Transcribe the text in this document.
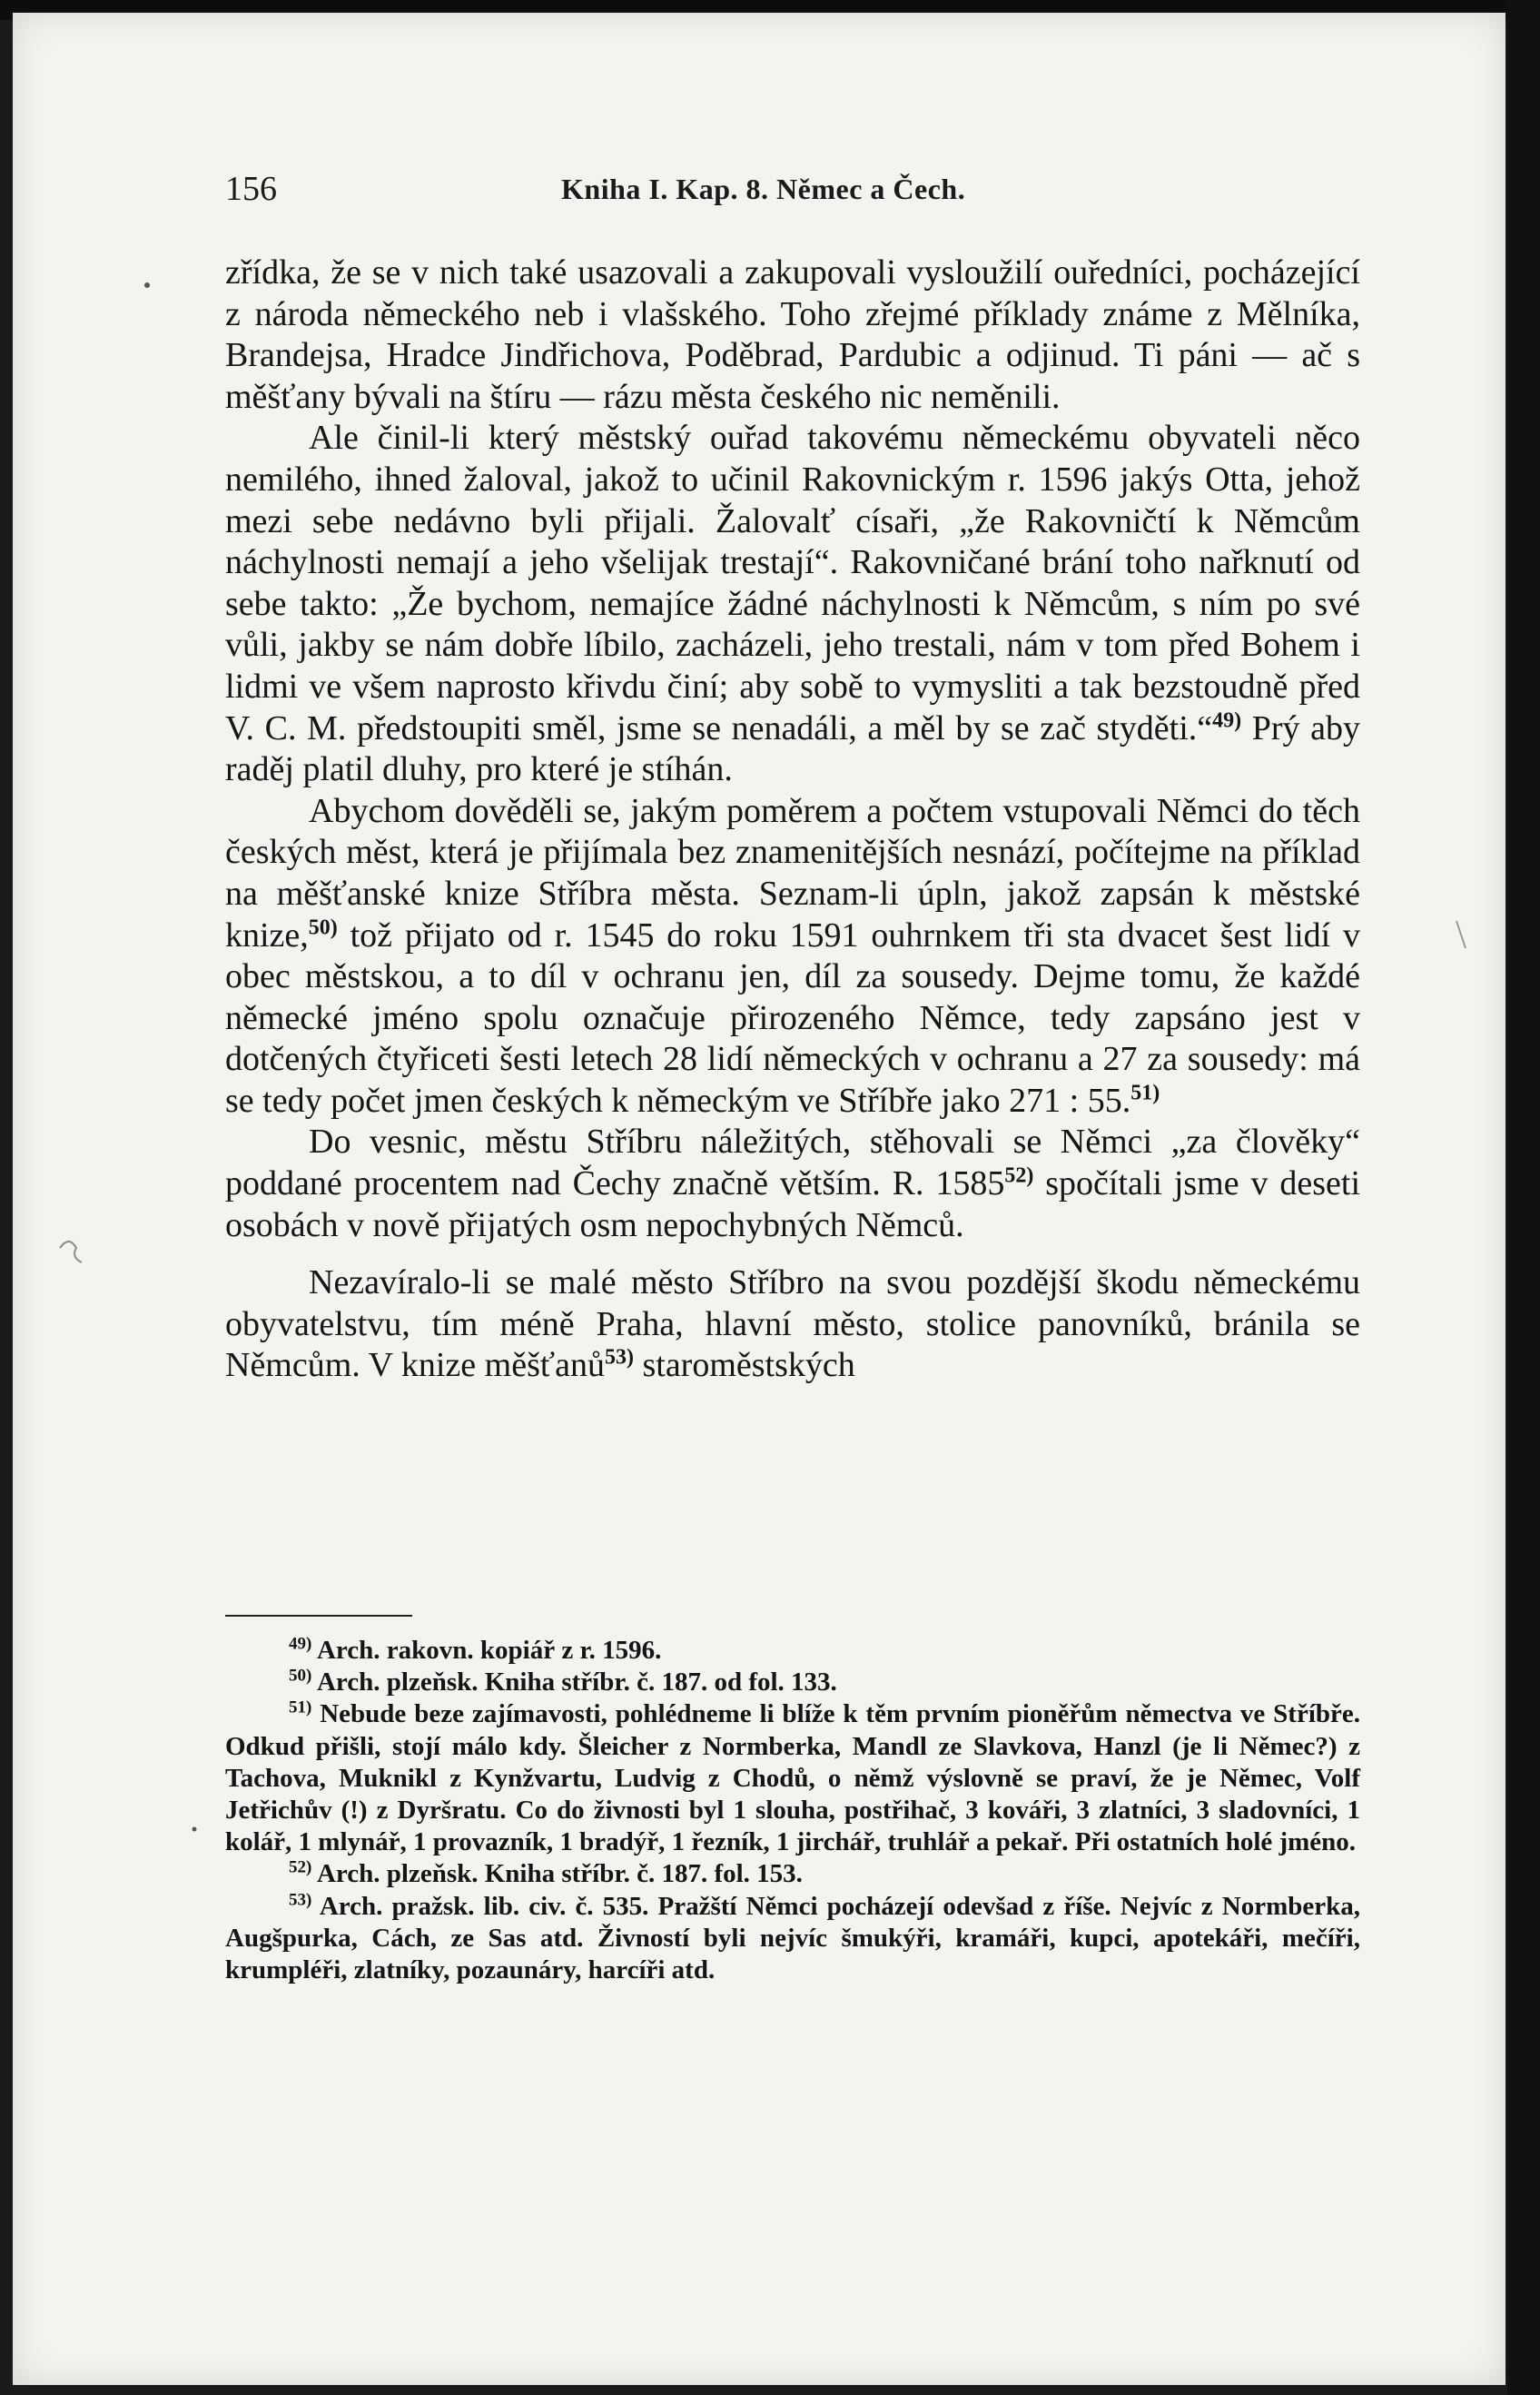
156	Kniha I. Kap. 8. Němec a Čech.

zřídka, že se v nich také usazovali a zakupovali vysloužilí ouředníci, pocházející z národa německého neb i vlašského. Toho zřejmé příklady známe z Mělníka, Brandejsa, Hradce Jindřichova, Poděbrad, Pardubic a odjinud. Ti páni — ač s měšťany bývali na štíru — rázu města českého nic neměnili.

Ale činil-li který městský ouřad takovému německému obyvateli něco nemilého, ihned žaloval, jakož to učinil Rakovnickým r. 1596 jakýs Otta, jehož mezi sebe nedávno byli přijali. Žalovalť císaři, „že Rakovničtí k Němcům náchylnosti nemají a jeho všelijak trestají“. Rakovničané brání toho nařknutí od sebe takto: „Že bychom, nemajíce žádné náchylnosti k Němcům, s ním po své vůli, jakby se nám dobře líbilo, zacházeli, jeho trestali, nám v tom před Bohem i lidmi ve všem naprosto křivdu činí; aby sobě to vymysliti a tak bezstoudně před V. C. M. předstoupiti směl, jsme se nenadáli, a měl by se zač styděti.“$^{49)}$ Prý aby raděj platil dluhy, pro které je stíhán.

Abychom dověděli se, jakým poměrem a počtem vstupovali Němci do těch českých měst, která je přijímala bez znamenitějších nesnází, počítejme na příklad na měšťanské knize Stříbra města. Seznam-li úpln, jakož zapsán k městské knize,$^{50)}$ tož přijato od r. 1545 do roku 1591 ouhrnkem tři sta dvacet šest lidí v obec městskou, a to díl v ochranu jen, díl za sousedy. Dejme tomu, že každé německé jméno spolu označuje přirozeného Němce, tedy zapsáno jest v dotčených čtyřiceti šesti letech 28 lidí německých v ochranu a 27 za sousedy: má se tedy počet jmen českých k německým ve Stříbře jako 271 : 55.$^{51)}$

Do vesnic, městu Stříbru náležitých, stěhovali se Němci „za člověky“ poddané procentem nad Čechy značně větším. R. 1585$^{52)}$ spočítali jsme v deseti osobách v nově přijatých osm nepochybných Němců.

Nezavíralo-li se malé město Stříbro na svou pozdější škodu německému obyvatelstvu, tím méně Praha, hlavní město, stolice panovníků, bránila se Němcům. V knize měšťanů$^{53)}$ staroměstských

$^{49)}$ Arch. rakovn. kopiář z r. 1596.

$^{50)}$ Arch. plzeňsk. Kniha stříbr. č. 187. od fol. 133.

$^{51)}$ Nebude beze zajímavosti, pohlédneme li blíže k těm prvním pioněřům němectva ve Stříbře. Odkud přišli, stojí málo kdy. Šleicher z Normberka, Mandl ze Slavkova, Hanzl (je li Němec?) z Tachova, Muknikl z Kynžvartu, Ludvig z Chodů, o němž výslovně se praví, že je Němec, Volf Jetřichův (!) z Dyršratu. Co do živnosti byl 1 slouha, postřihač, 3 kováři, 3 zlatníci, 3 sladovníci, 1 kolář, 1 mlynář, 1 provazník, 1 bradýř, 1 řezník, 1 jirchář, truhlář a pekař. Při ostatních holé jméno.

$^{52)}$ Arch. plzeňsk. Kniha stříbr. č. 187. fol. 153.

$^{53)}$ Arch. pražsk. lib. civ. č. 535. Pražští Němci pocházejí odevšad z říše. Nejvíc z Normberka, Augšpurka, Cách, ze Sas atd. Živností byli nejvíc šmukýři, kramáři, kupci, apotekáři, mečíři, krumpléři, zlatníky, pozaunáry, harcíři atd.
